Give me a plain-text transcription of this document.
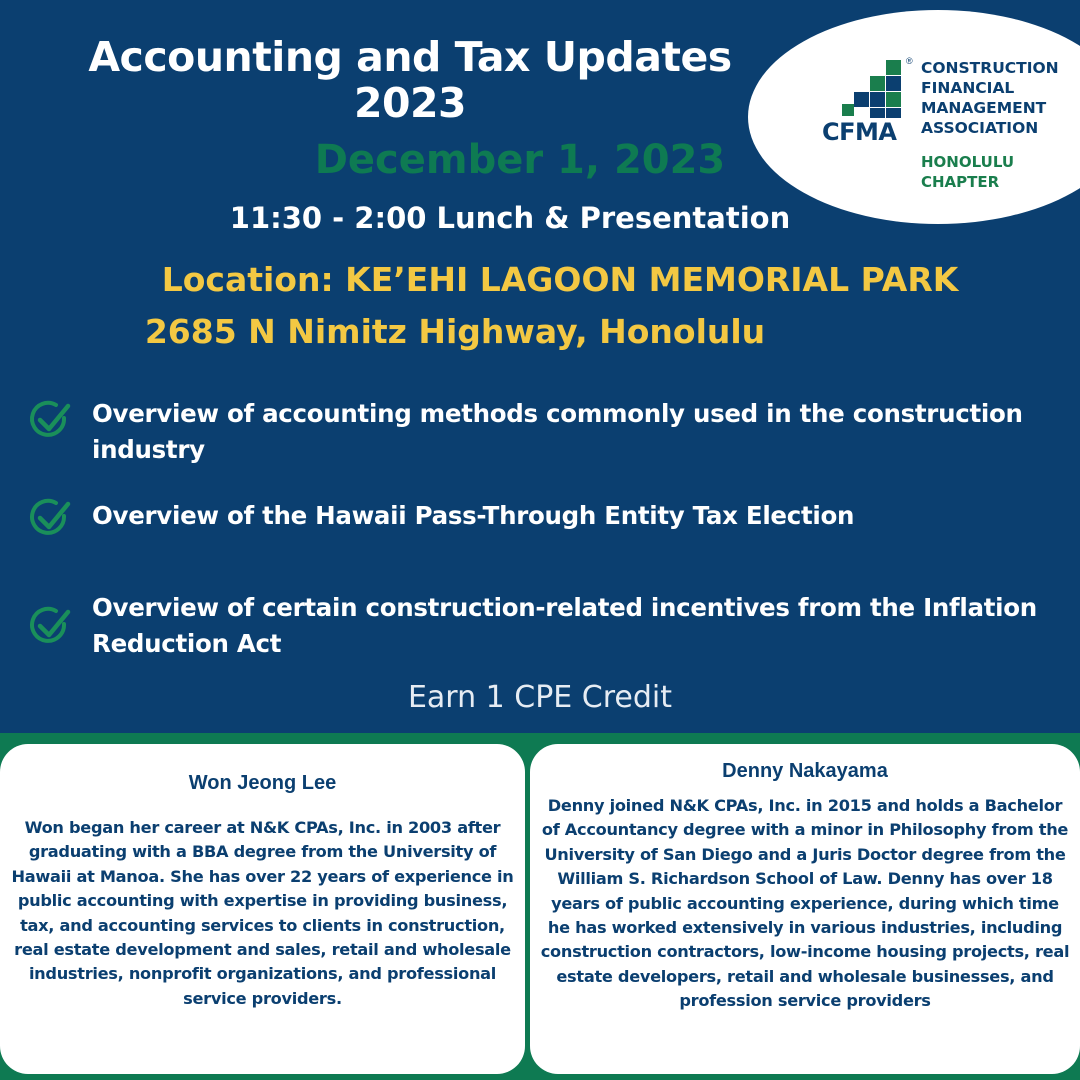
Accounting and Tax Updates
2023
December 1, 2023
11:30 - 2:00 Lunch & Presentation
Location: KE’EHI LAGOON MEMORIAL PARK
2685 N Nimitz Highway, Honolulu
®
CFMA
CONSTRUCTION
FINANCIAL
MANAGEMENT
ASSOCIATION
HONOLULU
CHAPTER
Overview of accounting methods commonly used in the construction industry
Overview of the Hawaii Pass-Through Entity Tax Election
Overview of certain construction-related incentives from the Inflation Reduction Act
Earn 1 CPE Credit
Won Jeong Lee
Won began her career at N&K CPAs, Inc. in 2003 after graduating with a BBA degree from the University of Hawaii at Manoa. She has over 22 years of experience in public accounting with expertise in providing business, tax, and accounting services to clients in construction, real estate development and sales, retail and wholesale industries, nonprofit organizations, and professional service providers.
Denny Nakayama
Denny joined N&K CPAs, Inc. in 2015 and holds a Bachelor of Accountancy degree with a minor in Philosophy from the University of San Diego and a Juris Doctor degree from the William S. Richardson School of Law. Denny has over 18 years of public accounting experience, during which time he has worked extensively in various industries, including construction contractors, low-income housing projects, real estate developers, retail and wholesale businesses, and profession service providers
